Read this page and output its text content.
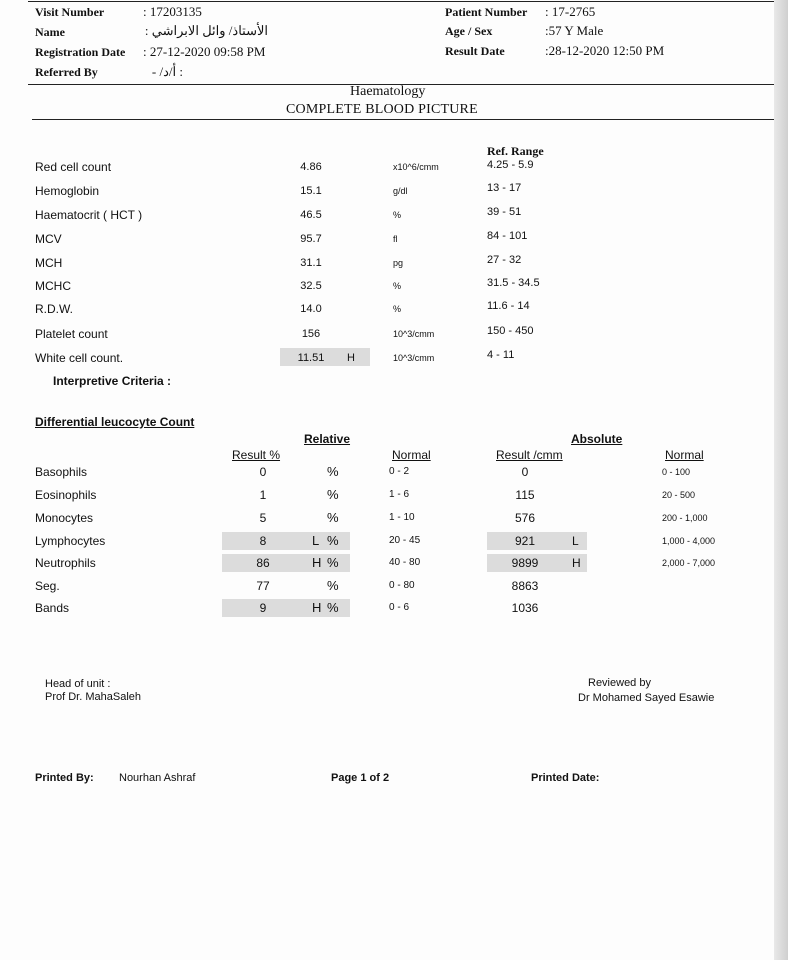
Visit Number	: 17203135
Name	الأستاذ/ وائل الابراشي :
Registration Date : 27-12-2020 09:58 PM
Referred By	: أ/د/ -
Patient Number : 17-2765
Age / Sex	:57 Y Male
Result Date	:28-12-2020 12:50 PM
Haematology
COMPLETE BLOOD PICTURE
Ref. Range
Red cell count	4.86	x10^6/cmm	4.25 - 5.9
Hemoglobin	15.1	g/dl	13 - 17
Haematocrit ( HCT )	46.5	%	39 - 51
MCV	95.7	fl	84 - 101
MCH	31.1	pg	27 - 32
MCHC	32.5	%	31.5 - 34.5
R.D.W.	14.0	%	11.6 - 14
Platelet count	156	10^3/cmm	150 - 450
White cell count.	11.51	H	10^3/cmm	4 - 11
Interpretive Criteria :
Differential leucocyte Count
Relative	Absolute
Result %	Normal	Result /cmm	Normal
Basophils	0	%	0 - 2	0	0 - 100
Eosinophils	1	%	1 - 6	115	20 - 500
Monocytes	5	%	1 - 10	576	200 - 1,000
Lymphocytes	8	L %	20 - 45	921	L	1,000 - 4,000
Neutrophils	86	H %	40 - 80	9899	H	2,000 - 7,000
Seg.	77	%	0 - 80	8863
Bands	9	H %	0 - 6	1036
Head of unit :
Prof Dr. MahaSaleh
Reviewed by
Dr Mohamed Sayed Esawie
Printed By: Nourhan Ashraf	Page 1 of 2	Printed Date:
